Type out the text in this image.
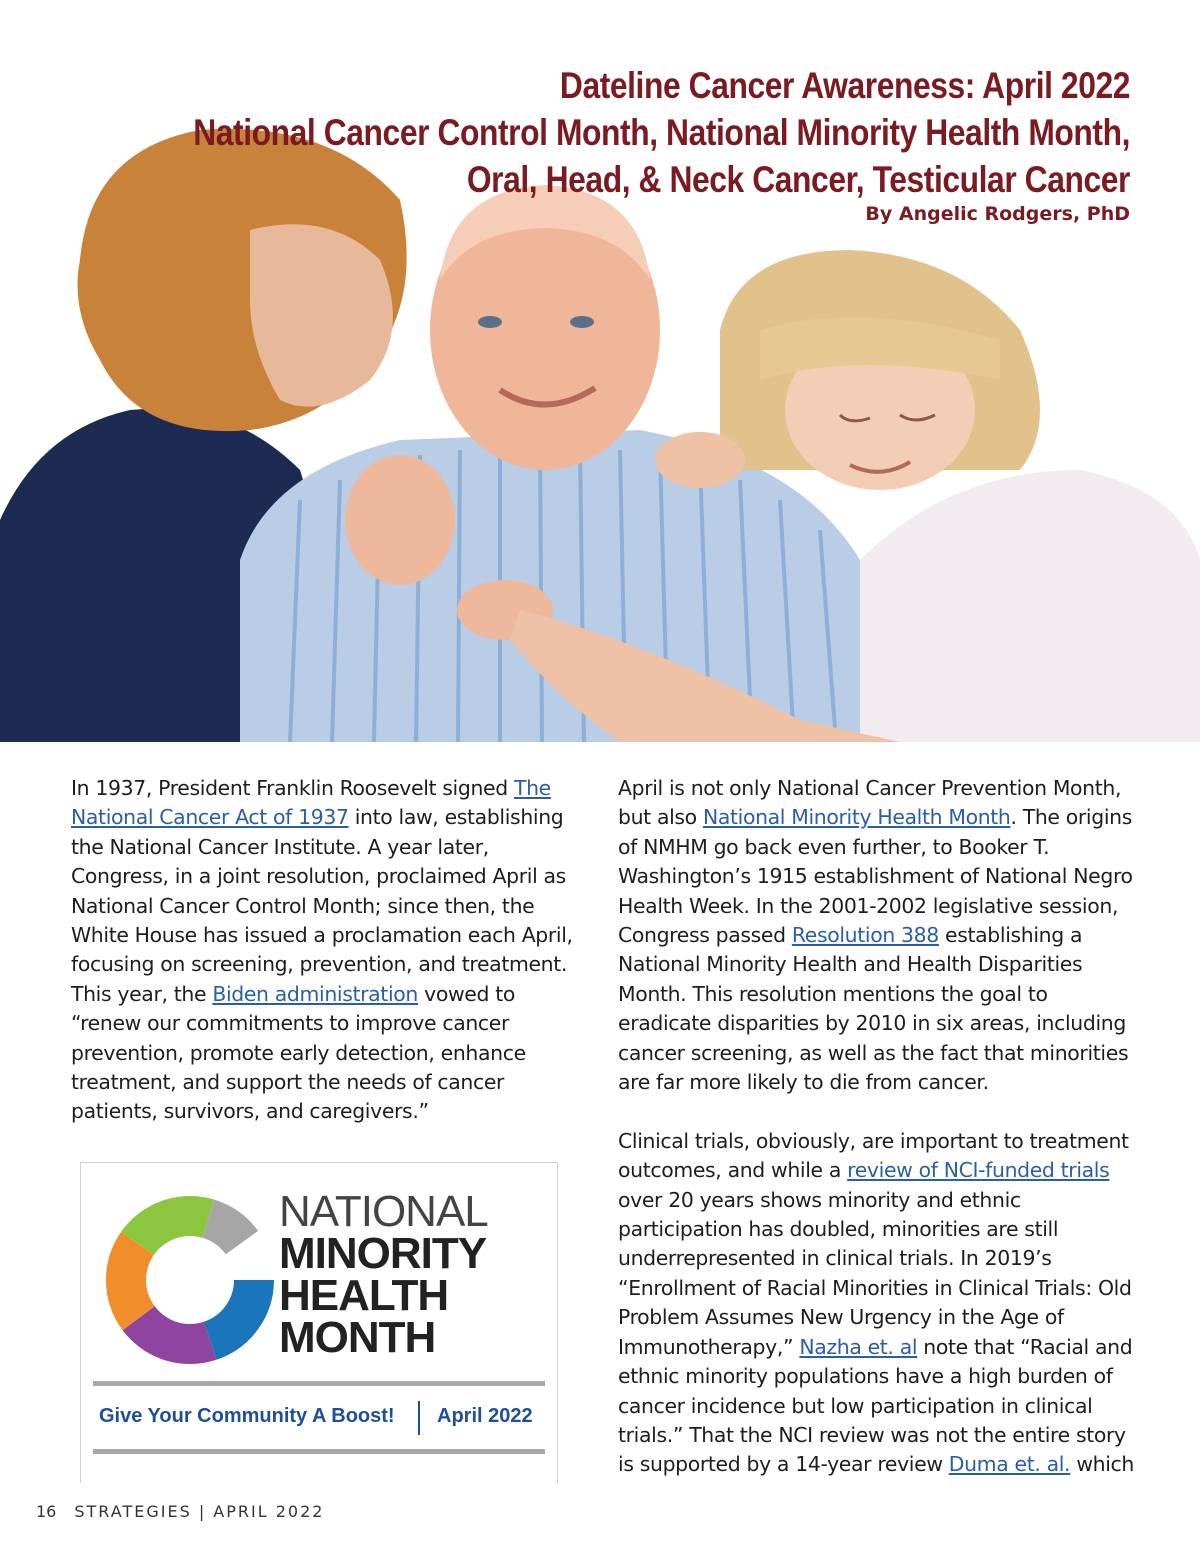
Dateline Cancer Awareness: April 2022
National Cancer Control Month, National Minority Health Month,
Oral, Head, & Neck Cancer, Testicular Cancer
By Angelic Rodgers, PhD

In 1937, President Franklin Roosevelt signed The National Cancer Act of 1937 into law, establishing the National Cancer Institute. A year later, Congress, in a joint resolution, proclaimed April as National Cancer Control Month; since then, the White House has issued a proclamation each April, focusing on screening, prevention, and treatment. This year, the Biden administration vowed to “renew our commitments to improve cancer prevention, promote early detection, enhance treatment, and support the needs of cancer patients, survivors, and caregivers.”

NATIONAL
MINORITY
HEALTH
MONTH
Give Your Community A Boost! April 2022

April is not only National Cancer Prevention Month, but also National Minority Health Month. The origins of NMHM go back even further, to Booker T. Washington’s 1915 establishment of National Negro Health Week. In the 2001-2002 legislative session, Congress passed Resolution 388 establishing a National Minority Health and Health Disparities Month. This resolution mentions the goal to eradicate disparities by 2010 in six areas, including cancer screening, as well as the fact that minorities are far more likely to die from cancer.

Clinical trials, obviously, are important to treatment outcomes, and while a review of NCI-funded trials over 20 years shows minority and ethnic participation has doubled, minorities are still underrepresented in clinical trials. In 2019’s “Enrollment of Racial Minorities in Clinical Trials: Old Problem Assumes New Urgency in the Age of Immunotherapy,” Nazha et. al note that “Racial and ethnic minority populations have a high burden of cancer incidence but low participation in clinical trials.” That the NCI review was not the entire story is supported by a 14-year review Duma et. al. which

16 STRATEGIES | APRIL 2022
